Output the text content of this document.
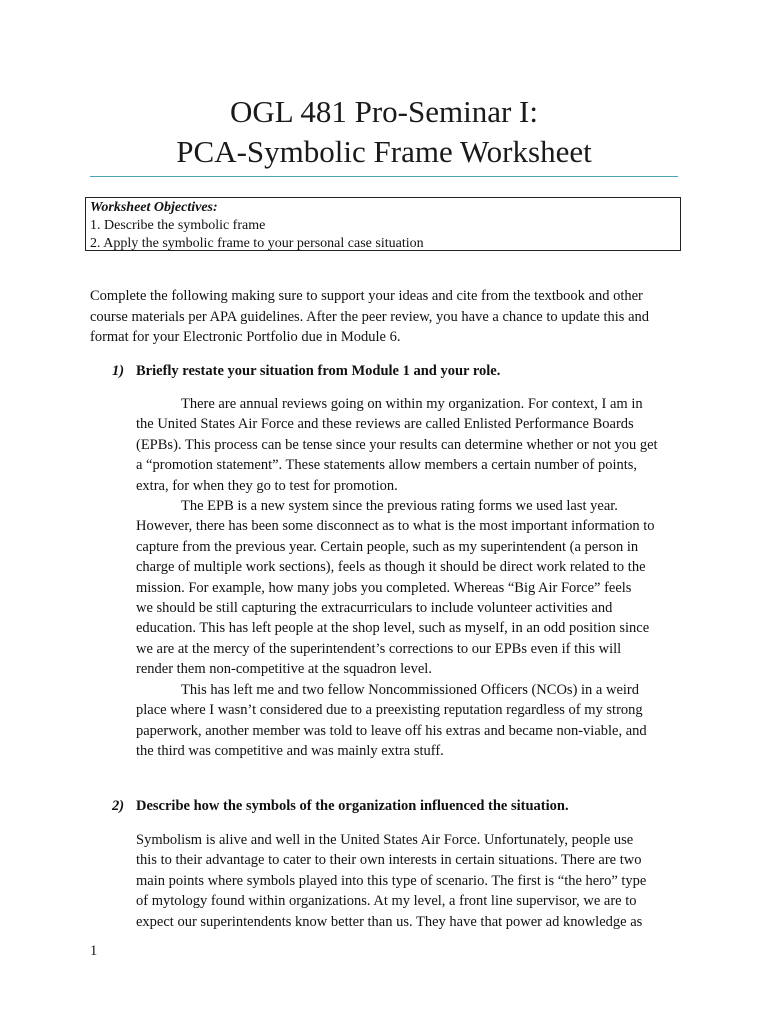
OGL 481 Pro-Seminar I:
PCA-Symbolic Frame Worksheet
Worksheet Objectives:
1. Describe the symbolic frame
2. Apply the symbolic frame to your personal case situation
Complete the following making sure to support your ideas and cite from the textbook and other
course materials per APA guidelines. After the peer review, you have a chance to update this and
format for your Electronic Portfolio due in Module 6.
1) Briefly restate your situation from Module 1 and your role.
There are annual reviews going on within my organization. For context, I am in
the United States Air Force and these reviews are called Enlisted Performance Boards
(EPBs). This process can be tense since your results can determine whether or not you get
a “promotion statement”. These statements allow members a certain number of points,
extra, for when they go to test for promotion.
The EPB is a new system since the previous rating forms we used last year.
However, there has been some disconnect as to what is the most important information to
capture from the previous year. Certain people, such as my superintendent (a person in
charge of multiple work sections), feels as though it should be direct work related to the
mission. For example, how many jobs you completed. Whereas “Big Air Force” feels
we should be still capturing the extracurriculars to include volunteer activities and
education. This has left people at the shop level, such as myself, in an odd position since
we are at the mercy of the superintendent’s corrections to our EPBs even if this will
render them non-competitive at the squadron level.
This has left me and two fellow Noncommissioned Officers (NCOs) in a weird
place where I wasn’t considered due to a preexisting reputation regardless of my strong
paperwork, another member was told to leave off his extras and became non-viable, and
the third was competitive and was mainly extra stuff.
2) Describe how the symbols of the organization influenced the situation.
Symbolism is alive and well in the United States Air Force. Unfortunately, people use
this to their advantage to cater to their own interests in certain situations. There are two
main points where symbols played into this type of scenario. The first is “the hero” type
of mytology found within organizations. At my level, a front line supervisor, we are to
expect our superintendents know better than us. They have that power ad knowledge as
1
